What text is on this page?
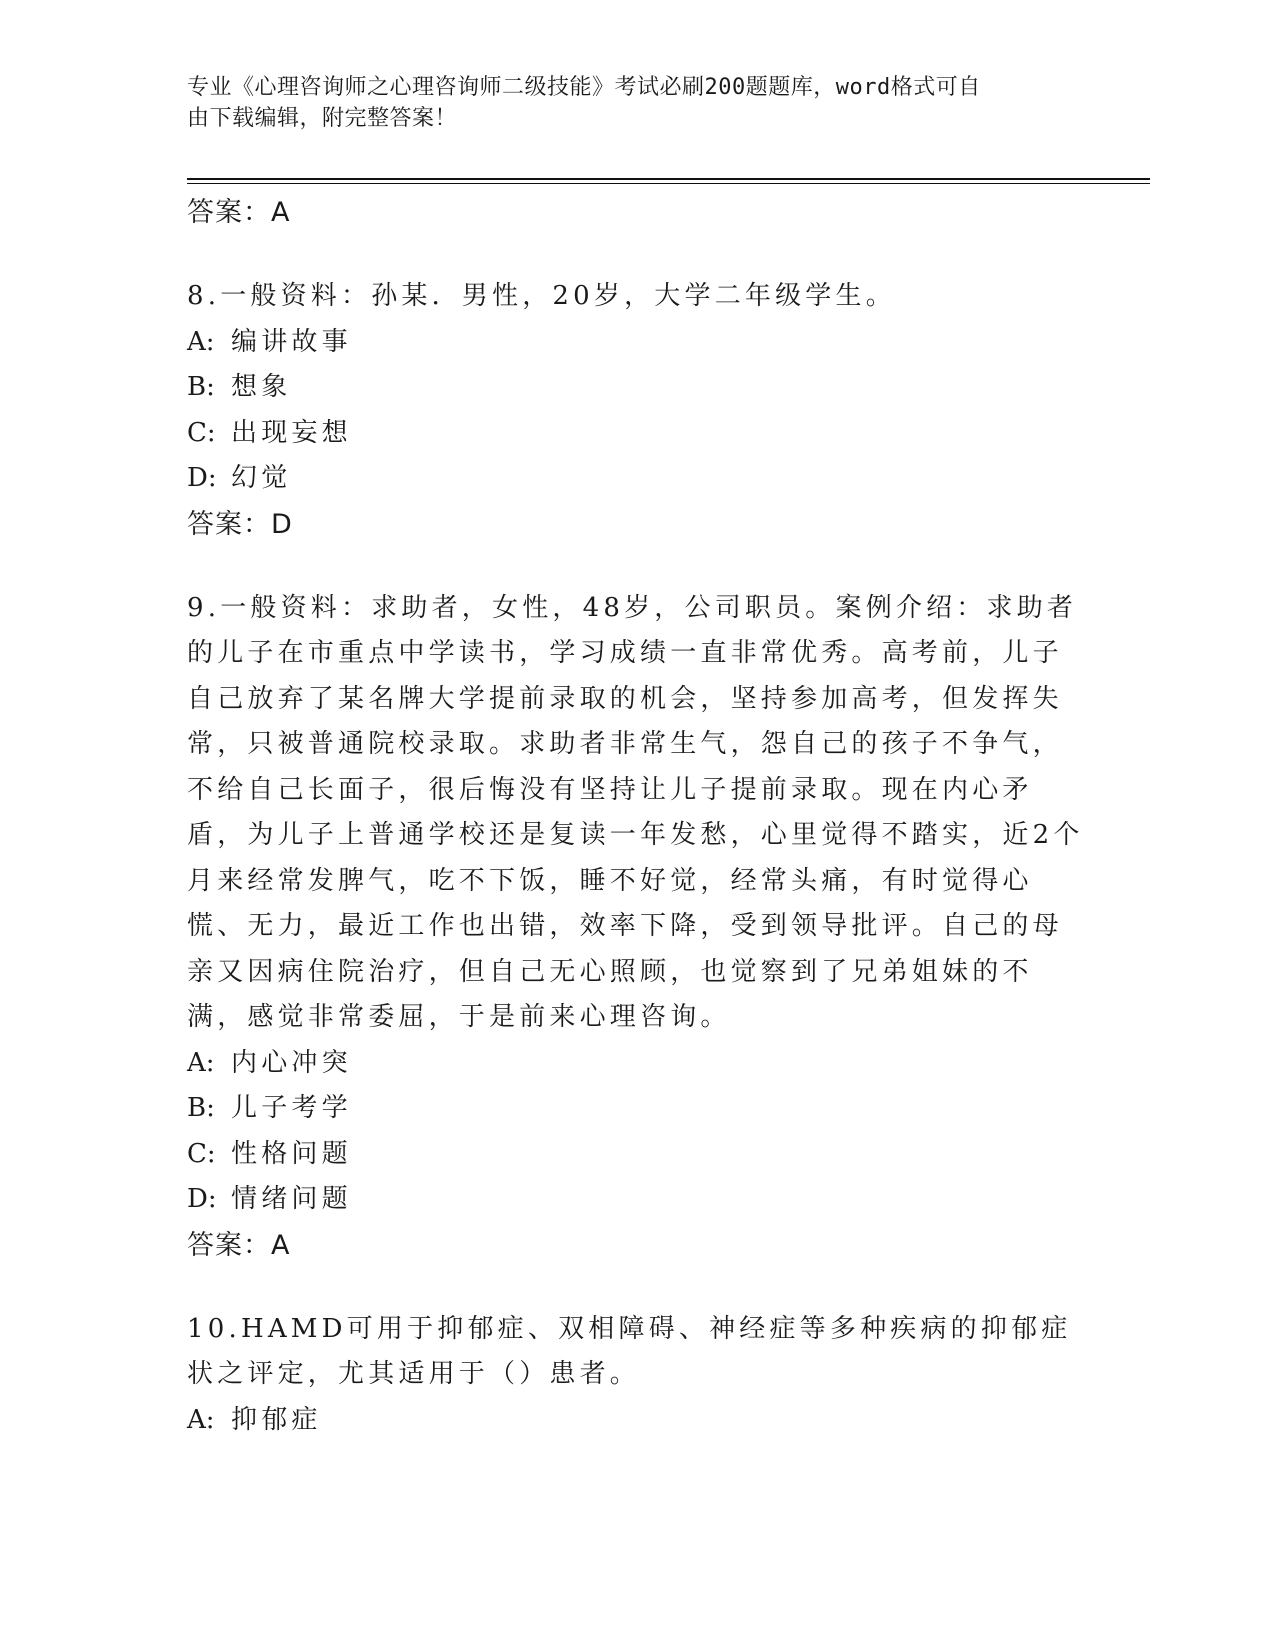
专业《心理咨询师之心理咨询师二级技能》考试必刷200题题库，word格式可自
由下载编辑，附完整答案！
答案：A
8.一般资料：孙某．男性，20岁，大学二年级学生。
A: 编讲故事
B: 想象
C: 出现妄想
D: 幻觉
答案：D
9.一般资料：求助者，女性，48岁，公司职员。案例介绍：求助者的儿子在市重点中学读书，学习成绩一直非常优秀。高考前，儿子自己放弃了某名牌大学提前录取的机会，坚持参加高考，但发挥失常，只被普通院校录取。求助者非常生气，怨自己的孩子不争气，不给自己长面子，很后悔没有坚持让儿子提前录取。现在内心矛盾，为儿子上普通学校还是复读一年发愁，心里觉得不踏实，近2个月来经常发脾气，吃不下饭，睡不好觉，经常头痛，有时觉得心慌、无力，最近工作也出错，效率下降，受到领导批评。自己的母亲又因病住院治疗，但自己无心照顾，也觉察到了兄弟姐妹的不满，感觉非常委屈，于是前来心理咨询。
A: 内心冲突
B: 儿子考学
C: 性格问题
D: 情绪问题
答案：A
10.HAMD可用于抑郁症、双相障碍、神经症等多种疾病的抑郁症状之评定，尤其适用于（）患者。
A: 抑郁症
